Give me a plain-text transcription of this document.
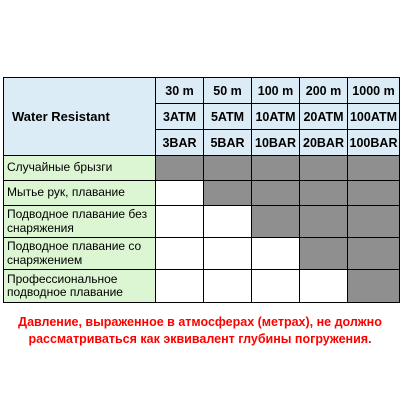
Water Resistant	30 m	50 m	100 m	200 m	1000 m
	3ATM	5ATM	10ATM	20ATM	100ATM
	3BAR	5BAR	10BAR	20BAR	100BAR
Случайные брызги					
Мытье рук, плавание					
Подводное плавание без снаряжения					
Подводное плавание со снаряжением					
Профессиональное подводное плавание					
Давление, выраженное в атмосферах (метрах), не должно
рассматриваться как эквивалент глубины погружения.
